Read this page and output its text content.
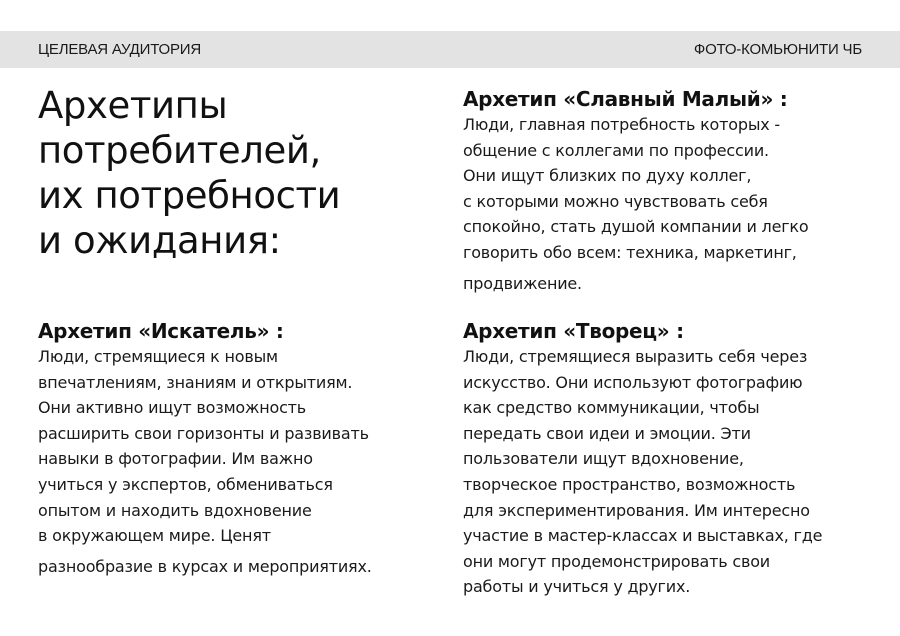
ЦЕЛЕВАЯ АУДИТОРИЯ	ФОТО-КОМЬЮНИТИ ЧБ
Архетипы
потребителей,
их потребности
и ожидания:
Архетип «Славный Малый» :
Люди, главная потребность которых -
общение с коллегами по профессии.
Они ищут близких по духу коллег,
с которыми можно чувствовать себя
спокойно, стать душой компании и легко
говорить обо всем: техника, маркетинг,
продвижение.
Архетип «Искатель» :
Люди, стремящиеся к новым
впечатлениям, знаниям и открытиям.
Они активно ищут возможность
расширить свои горизонты и развивать
навыки в фотографии. Им важно
учиться у экспертов, обмениваться
опытом и находить вдохновение
в окружающем мире. Ценят
разнообразие в курсах и мероприятиях.
Архетип «Творец» :
Люди, стремящиеся выразить себя через
искусство. Они используют фотографию
как средство коммуникации, чтобы
передать свои идеи и эмоции. Эти
пользователи ищут вдохновение,
творческое пространство, возможность
для экспериментирования. Им интересно
участие в мастер-классах и выставках, где
они могут продемонстрировать свои
работы и учиться у других.
